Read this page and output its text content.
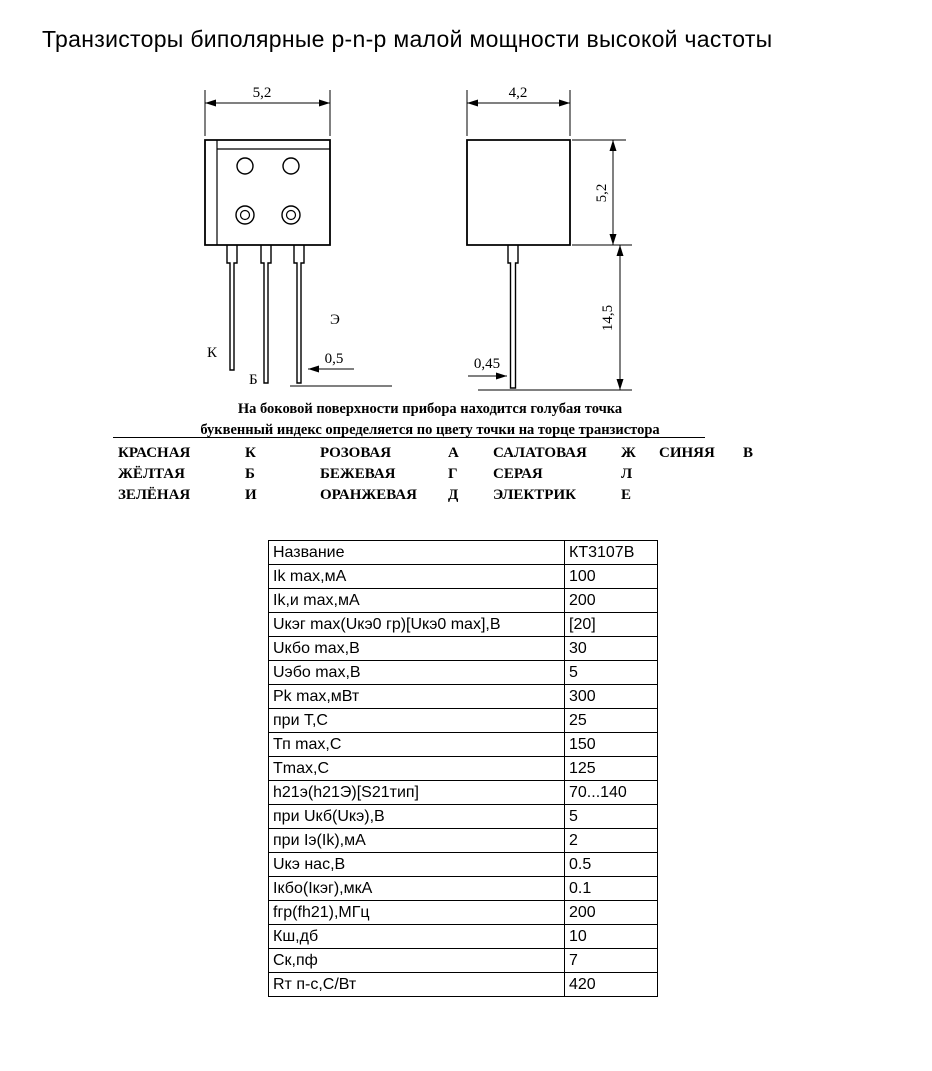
Транзисторы биполярные p-n-p малой мощности высокой частоты
5,2
0,5
К
Б
Э
4,2
5,2
14,5
0,45
На боковой поверхности прибора находится голубая точка
буквенный индекс определяется по цвету точки на торце транзистора
КРАСНАЯ	К	РОЗОВАЯ	А	САЛАТОВАЯ	Ж	СИНЯЯ	В
ЖЁЛТАЯ	Б	БЕЖЕВАЯ	Г	СЕРАЯ	Л
ЗЕЛЁНАЯ	И	ОРАНЖЕВАЯ	Д	ЭЛЕКТРИК	Е
Название	КТ3107В
Ik max,мА	100
Ik,и max,мА	200
Uкэг max(Uкэ0 гр)[Uкэ0 max],В	[20]
Uкбо max,В	30
Uэбо max,В	5
Pk max,мВт	300
при Т,С	25
Тп max,С	150
Tmax,С	125
h21э(h21Э)[S21тип]	70...140
при Uкб(Uкэ),В	5
при Iэ(Ik),мА	2
Uкэ нас,В	0.5
Iкбо(Iкэг),мкА	0.1
fгр(fh21),МГц	200
Кш,дб	10
Ск,пф	7
Rт п-с,С/Вт	420
